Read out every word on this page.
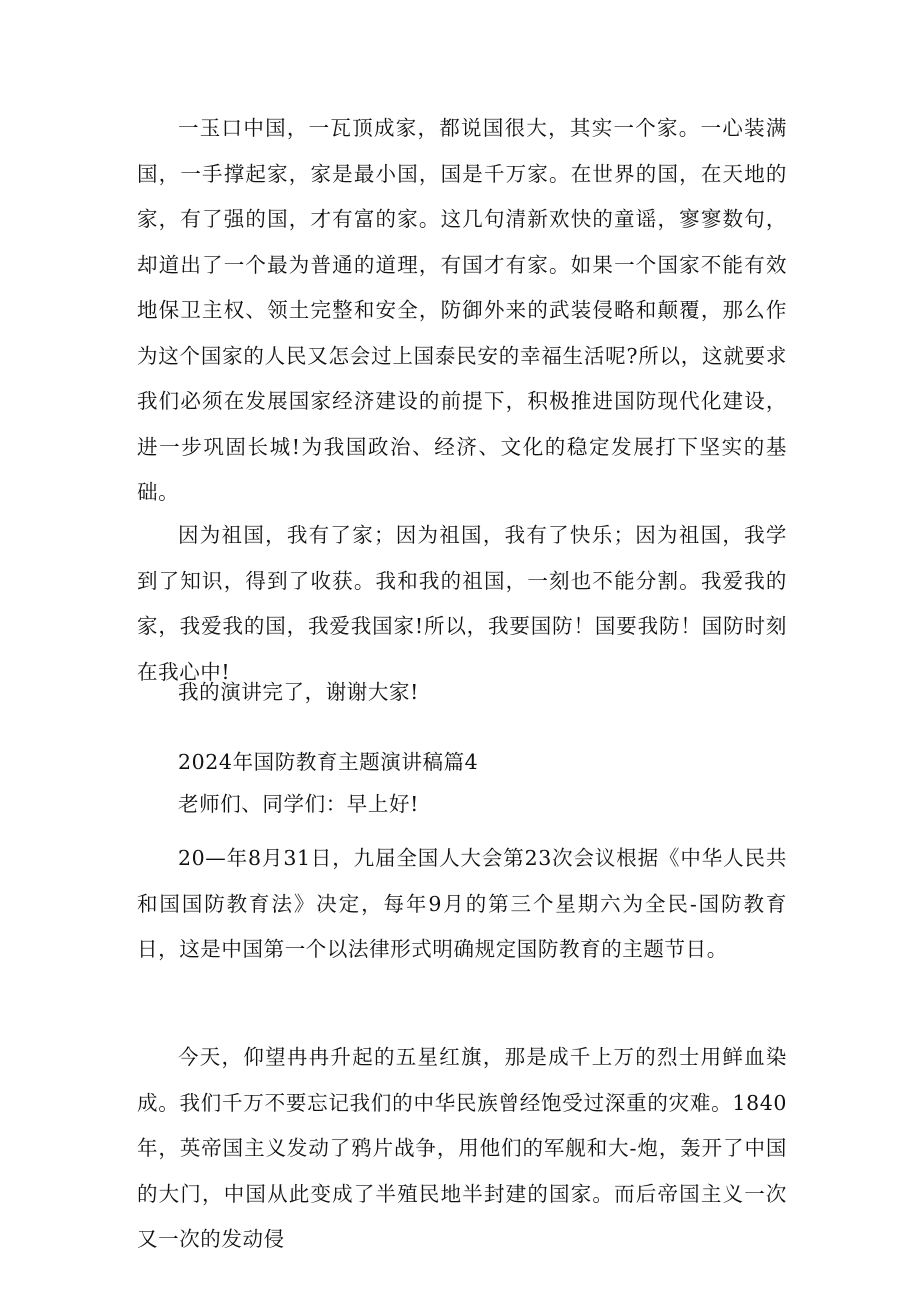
一玉口中国，一瓦顶成家，都说国很大，其实一个家。一心装满国，一手撑起家，家是最小国，国是千万家。在世界的国，在天地的家，有了强的国，才有富的家。这几句清新欢快的童谣，寥寥数句，却道出了一个最为普通的道理，有国才有家。如果一个国家不能有效地保卫主权、领土完整和安全，防御外来的武装侵略和颠覆，那么作为这个国家的人民又怎会过上国泰民安的幸福生活呢?所以，这就要求我们必须在发展国家经济建设的前提下，积极推进国防现代化建设，进一步巩固长城!为我国政治、经济、文化的稳定发展打下坚实的基础。

因为祖国，我有了家；因为祖国，我有了快乐；因为祖国，我学到了知识，得到了收获。我和我的祖国，一刻也不能分割。我爱我的家，我爱我的国，我爱我国家!所以，我要国防！国要我防！国防时刻在我心中!

我的演讲完了，谢谢大家!

2024年国防教育主题演讲稿篇4

老师们、同学们：早上好!

20—年8月31日，九届全国人大会第23次会议根据《中华人民共和国国防教育法》决定，每年9月的第三个星期六为全民-国防教育日，这是中国第一个以法律形式明确规定国防教育的主题节日。

今天，仰望冉冉升起的五星红旗，那是成千上万的烈士用鲜血染成。我们千万不要忘记我们的中华民族曾经饱受过深重的灾难。1840年，英帝国主义发动了鸦片战争，用他们的军舰和大-炮，轰开了中国的大门，中国从此变成了半殖民地半封建的国家。而后帝国主义一次又一次的发动侵
